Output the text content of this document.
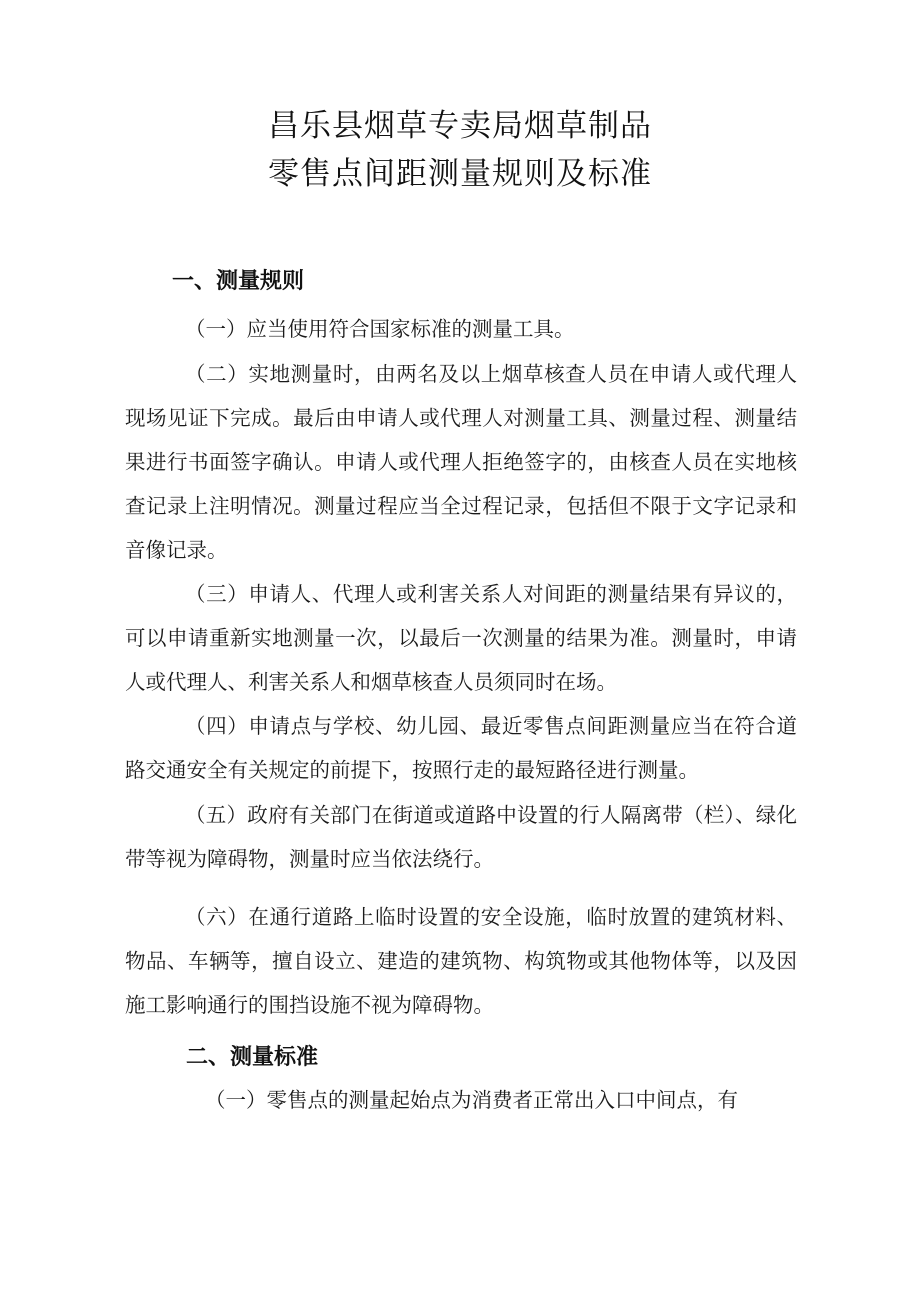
昌乐县烟草专卖局烟草制品
零售点间距测量规则及标准
一、测量规则
（一）应当使用符合国家标准的测量工具。
（二）实地测量时，由两名及以上烟草核查人员在申请人或代理人现场见证下完成。最后由申请人或代理人对测量工具、测量过程、测量结果进行书面签字确认。申请人或代理人拒绝签字的，由核查人员在实地核查记录上注明情况。测量过程应当全过程记录，包括但不限于文字记录和音像记录。
（三）申请人、代理人或利害关系人对间距的测量结果有异议的，可以申请重新实地测量一次，以最后一次测量的结果为准。测量时，申请人或代理人、利害关系人和烟草核查人员须同时在场。
（四）申请点与学校、幼儿园、最近零售点间距测量应当在符合道路交通安全有关规定的前提下，按照行走的最短路径进行测量。
（五）政府有关部门在街道或道路中设置的行人隔离带（栏）、绿化带等视为障碍物，测量时应当依法绕行。
（六）在通行道路上临时设置的安全设施，临时放置的建筑材料、物品、车辆等，擅自设立、建造的建筑物、构筑物或其他物体等，以及因施工影响通行的围挡设施不视为障碍物。
二、测量标准
（一）零售点的测量起始点为消费者正常出入口中间点，有
